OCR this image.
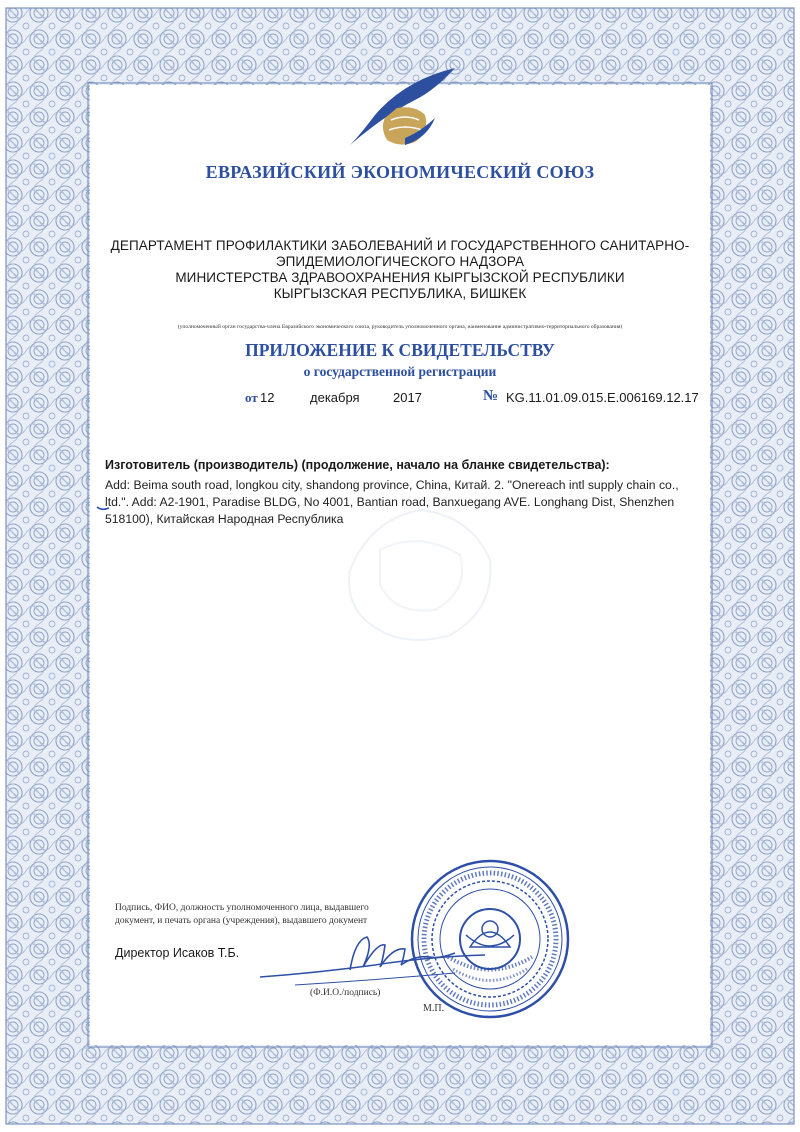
ЕВРАЗИЙСКИЙ ЭКОНОМИЧЕСКИЙ СОЮЗ
ДЕПАРТАМЕНТ ПРОФИЛАКТИКИ ЗАБОЛЕВАНИЙ И ГОСУДАРСТВЕННОГО САНИТАРНО-
ЭПИДЕМИОЛОГИЧЕСКОГО НАДЗОРА
МИНИСТЕРСТВА ЗДРАВООХРАНЕНИЯ КЫРГЫЗСКОЙ РЕСПУБЛИКИ
КЫРГЫЗСКАЯ РЕСПУБЛИКА, БИШКЕК
(уполномоченный орган государства-члена Евразийского экономического союза, руководитель уполномоченного органа, наименование административно-территориального образования)
ПРИЛОЖЕНИЕ К СВИДЕТЕЛЬСТВУ
о государственной регистрации
от 12	декабря	2017	№ KG.11.01.09.015.E.006169.12.17
Изготовитель (производитель) (продолжение, начало на бланке свидетельства):
Add: Beima south road, longkou city, shandong province, China, Китай. 2. "Onereach intl supply chain co., ltd.". Add: A2-1901, Paradise BLDG, No 4001, Bantian road, Banxuegang AVE. Longhang Dist, Shenzhen 518100), Китайская Народная Республика
Подпись, ФИО, должность уполномоченного лица, выдавшего документ, и печать органа (учреждения), выдавшего документ
Директор Исаков Т.Б.
(Ф.И.О./подпись)
М.П.
